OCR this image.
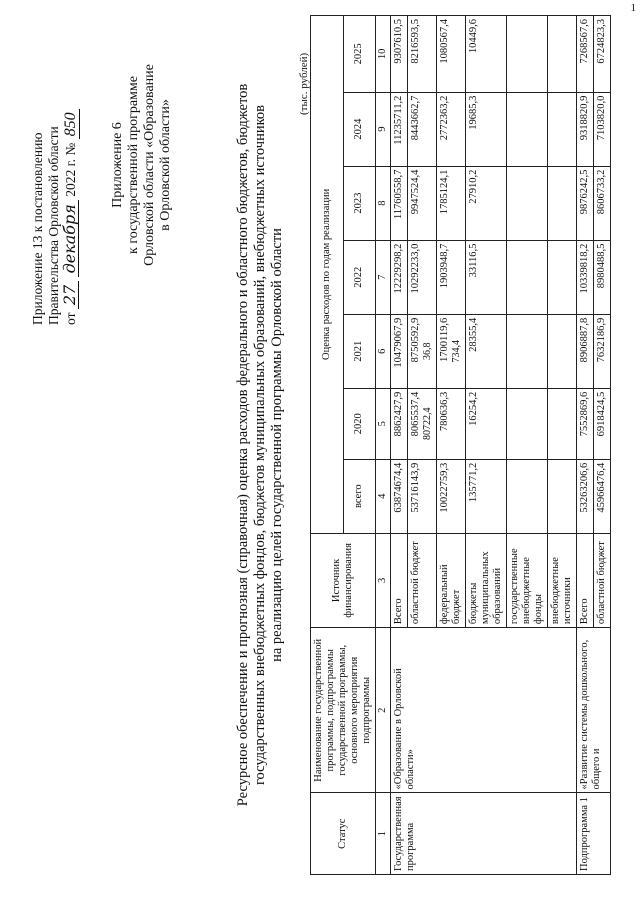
1
Приложение 13 к постановлению Правительства Орловской области от 27 декабря 2022 г. № 850 Приложение 6 к государственной программе Орловской области «Образование в Орловской области»	Ресурсное обеспечение и прогнозная (справочная) оценка расходов федерального и областного бюджетов, бюджетов государственных внебюджетных фондов, бюджетов муниципальных образований, внебюджетных источников на реализацию целей государственной программы Орловской области
(тыс. рублей)
Статус	Наименование государственной программы, подпрограммы государственной программы, основного мероприятия подпрограммы	Источник финансирования	Оценка расходов по годам реализации						
			всего	2020	2021	2022	2023	2024	2025
1	2	3	4	5	6	7	8	9	10
Государственная программа	«Образование в Орловской области»	Всего	63874674,4	8862427,9	10479067,9	12229298,2	11760558,7	11235711,2	9307610,5
		областной бюджет	53716143,9	8065537,4 80722,4	8750592,9 36,8	10292233,0	9947524,4	8443662,7	8216593,5
		федеральный бюджет	10022759,3	780636,3	1700119,6 734,4	1903948,7	1785124,1	2772363,2	1080567,4
		бюджеты муниципальных образований	135771,2	16254,2	28355,4	33116,5	27910,2	19685,3	10449,6
		государственные внебюджетные фонды							
		внебюджетные источники							
Подпрограмма 1	«Развитие системы дошкольного, общего и	Всего	53263206,6	7552869,6	8906887,8	10339818,2	9876242,5	9318820,9	7268567,6
		областной бюджет	45966476,4	6918424,5	7632186,9	8980488,5	8606733,2	7103820,0	6724823,3
